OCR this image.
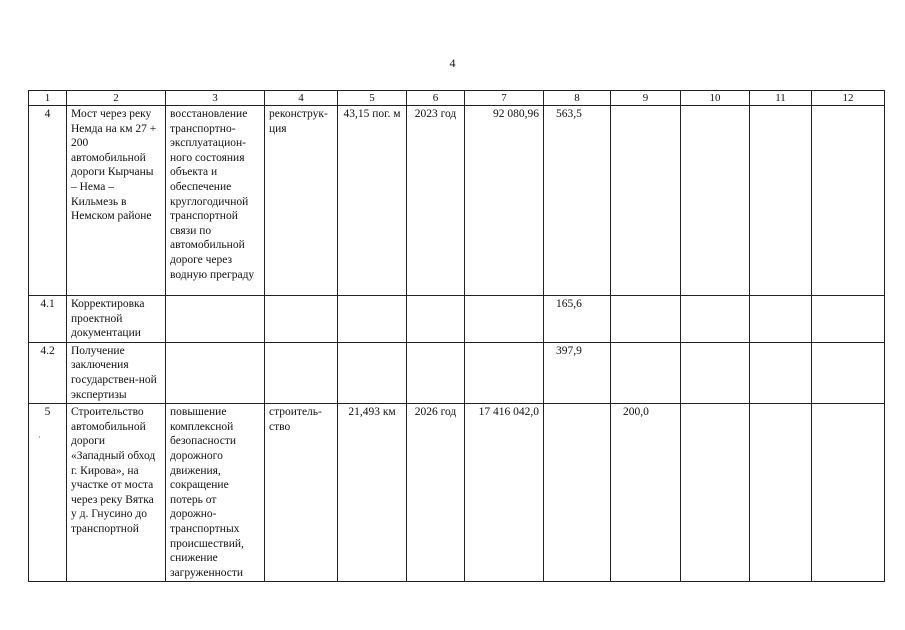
4
1	2	3	4	5	6	7	8	9	10	11	12
4	Мост через реку Немда на км 27 + 200 автомобильной дороги Кырчаны – Нема – Кильмезь в Немском районе	восстановление транспортно-эксплуатацион-ного состояния объекта и обеспечение круглогодичной транспортной связи по автомобильной дороге через водную преграду	реконструк-ция	43,15 пог. м	2023 год	92 080,96	563,5				
4.1	Корректировка проектной документации						165,6				
4.2	Получение заключения государствен-ной экспертизы						397,9				
5	Строительство автомобильной дороги «Западный обход г. Кирова», на участке от моста через реку Вятка у д. Гнусино до транспортной	повышение комплексной безопасности дорожного движения, сокращение потерь от дорожно-транспортных происшествий, снижение загруженности	строитель-ство	21,493 км	2026 год	17 416 042,0		200,0			
·
